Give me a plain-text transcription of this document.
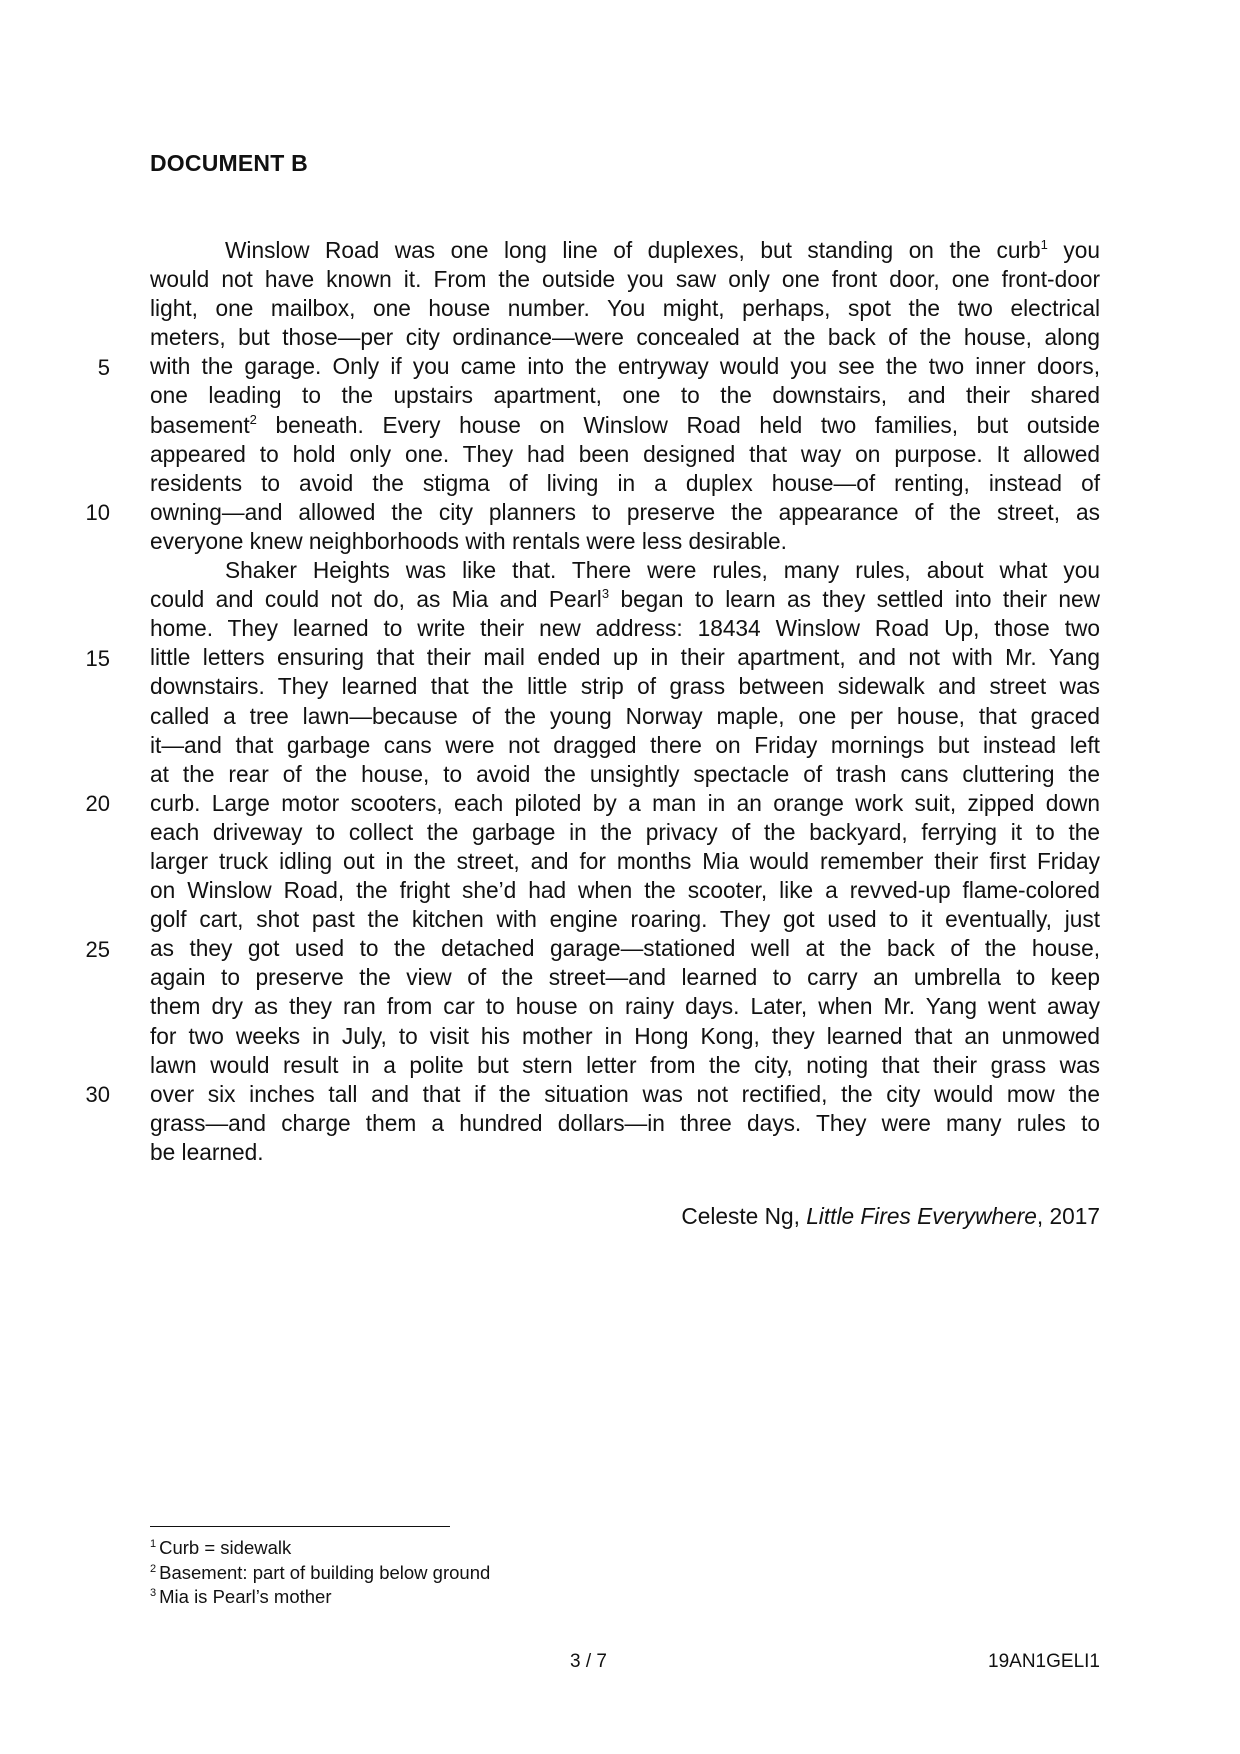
DOCUMENT B
5
10
15
20
25
30
Winslow Road was one long line of duplexes, but standing on the curb$^1$ you
would not have known it. From the outside you saw only one front door, one front-door
light, one mailbox, one house number. You might, perhaps, spot the two electrical
meters, but those—per city ordinance—were concealed at the back of the house, along
with the garage. Only if you came into the entryway would you see the two inner doors,
one leading to the upstairs apartment, one to the downstairs, and their shared
basement$^2$ beneath. Every house on Winslow Road held two families, but outside
appeared to hold only one. They had been designed that way on purpose. It allowed
residents to avoid the stigma of living in a duplex house—of renting, instead of
owning—and allowed the city planners to preserve the appearance of the street, as
everyone knew neighborhoods with rentals were less desirable.
Shaker Heights was like that. There were rules, many rules, about what you
could and could not do, as Mia and Pearl$^3$ began to learn as they settled into their new
home. They learned to write their new address: 18434 Winslow Road Up, those two
little letters ensuring that their mail ended up in their apartment, and not with Mr. Yang
downstairs. They learned that the little strip of grass between sidewalk and street was
called a tree lawn—because of the young Norway maple, one per house, that graced
it—and that garbage cans were not dragged there on Friday mornings but instead left
at the rear of the house, to avoid the unsightly spectacle of trash cans cluttering the
curb. Large motor scooters, each piloted by a man in an orange work suit, zipped down
each driveway to collect the garbage in the privacy of the backyard, ferrying it to the
larger truck idling out in the street, and for months Mia would remember their first Friday
on Winslow Road, the fright she’d had when the scooter, like a revved-up flame-colored
golf cart, shot past the kitchen with engine roaring. They got used to it eventually, just
as they got used to the detached garage—stationed well at the back of the house,
again to preserve the view of the street—and learned to carry an umbrella to keep
them dry as they ran from car to house on rainy days. Later, when Mr. Yang went away
for two weeks in July, to visit his mother in Hong Kong, they learned that an unmowed
lawn would result in a polite but stern letter from the city, noting that their grass was
over six inches tall and that if the situation was not rectified, the city would mow the
grass—and charge them a hundred dollars—in three days. They were many rules to
be learned.
Celeste Ng, Little Fires Everywhere, 2017
$^1$ Curb = sidewalk
$^2$ Basement: part of building below ground
$^3$ Mia is Pearl’s mother
3 / 7	19AN1GELI1
